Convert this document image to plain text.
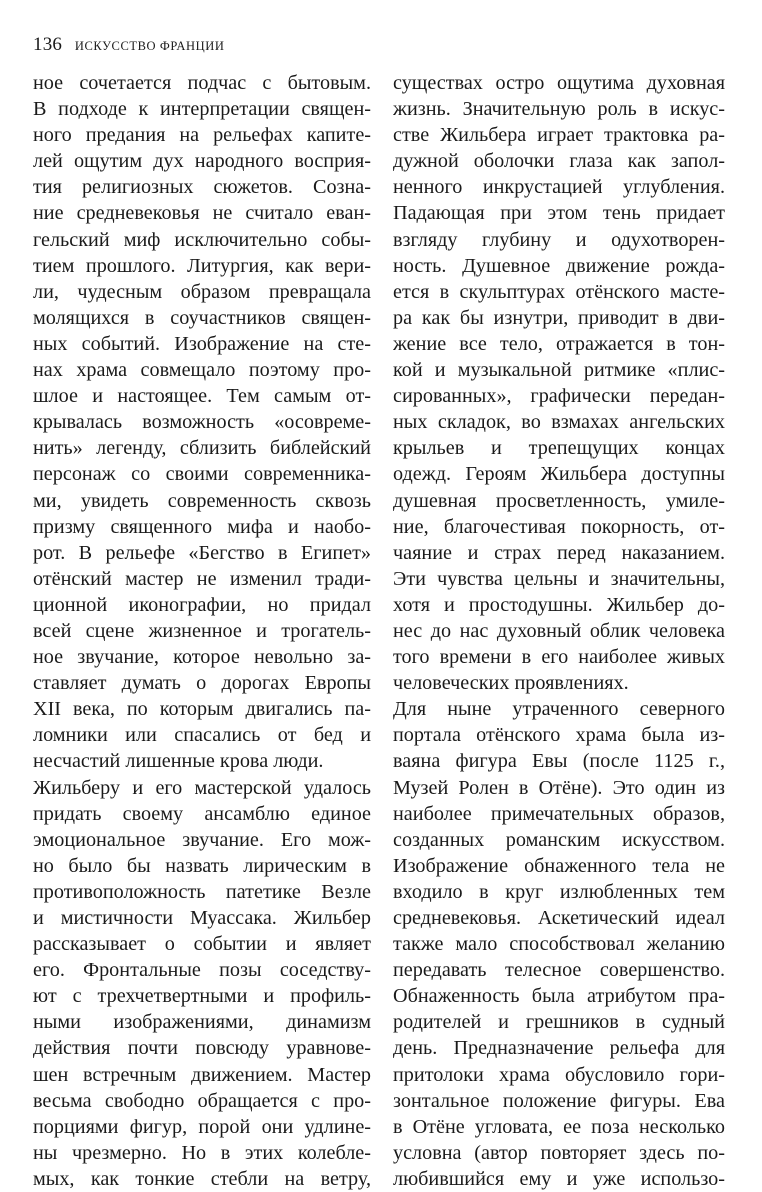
136 ИСКУССТВО ФРАНЦИИ
ное сочетается подчас с бытовым.
В подходе к интерпретации священ-
ного предания на рельефах капите-
лей ощутим дух народного восприя-
тия религиозных сюжетов. Созна-
ние средневековья не считало еван-
гельский миф исключительно собы-
тием прошлого. Литургия, как вери-
ли, чудесным образом превращала
молящихся в соучастников священ-
ных событий. Изображение на сте-
нах храма совмещало поэтому про-
шлое и настоящее. Тем самым от-
крывалась возможность «осовреме-
нить» легенду, сблизить библейский
персонаж со своими современника-
ми, увидеть современность сквозь
призму священного мифа и наобо-
рот. В рельефе «Бегство в Египет»
отёнский мастер не изменил тради-
ционной иконографии, но придал
всей сцене жизненное и трогатель-
ное звучание, которое невольно за-
ставляет думать о дорогах Европы
XII века, по которым двигались па-
ломники или спасались от бед и
несчастий лишенные крова люди.
Жильберу и его мастерской удалось
придать своему ансамблю единое
эмоциональное звучание. Его мож-
но было бы назвать лирическим в
противоположность патетике Везле
и мистичности Муассака. Жильбер
рассказывает о событии и являет
его. Фронтальные позы соседству-
ют с трехчетвертными и профиль-
ными изображениями, динамизм
действия почти повсюду уравнове-
шен встречным движением. Мастер
весьма свободно обращается с про-
порциями фигур, порой они удлине-
ны чрезмерно. Но в этих колебле-
мых, как тонкие стебли на ветру,
существах остро ощутима духовная
жизнь. Значительную роль в искус-
стве Жильбера играет трактовка ра-
дужной оболочки глаза как запол-
ненного инкрустацией углубления.
Падающая при этом тень придает
взгляду глубину и одухотворен-
ность. Душевное движение рожда-
ется в скульптурах отёнского масте-
ра как бы изнутри, приводит в дви-
жение все тело, отражается в тон-
кой и музыкальной ритмике «плис-
сированных», графически передан-
ных складок, во взмахах ангельских
крыльев и трепещущих концах
одежд. Героям Жильбера доступны
душевная просветленность, умиле-
ние, благочестивая покорность, от-
чаяние и страх перед наказанием.
Эти чувства цельны и значительны,
хотя и простодушны. Жильбер до-
нес до нас духовный облик человека
того времени в его наиболее живых
человеческих проявлениях.
Для ныне утраченного северного
портала отёнского храма была из-
ваяна фигура Евы (после 1125 г.,
Музей Ролен в Отёне). Это один из
наиболее примечательных образов,
созданных романским искусством.
Изображение обнаженного тела не
входило в круг излюбленных тем
средневековья. Аскетический идеал
также мало способствовал желанию
передавать телесное совершенство.
Обнаженность была атрибутом пра-
родителей и грешников в судный
день. Предназначение рельефа для
притолоки храма обусловило гори-
зонтальное положение фигуры. Ева
в Отёне угловата, ее поза несколько
условна (автор повторяет здесь по-
любившийся ему и уже использо-
